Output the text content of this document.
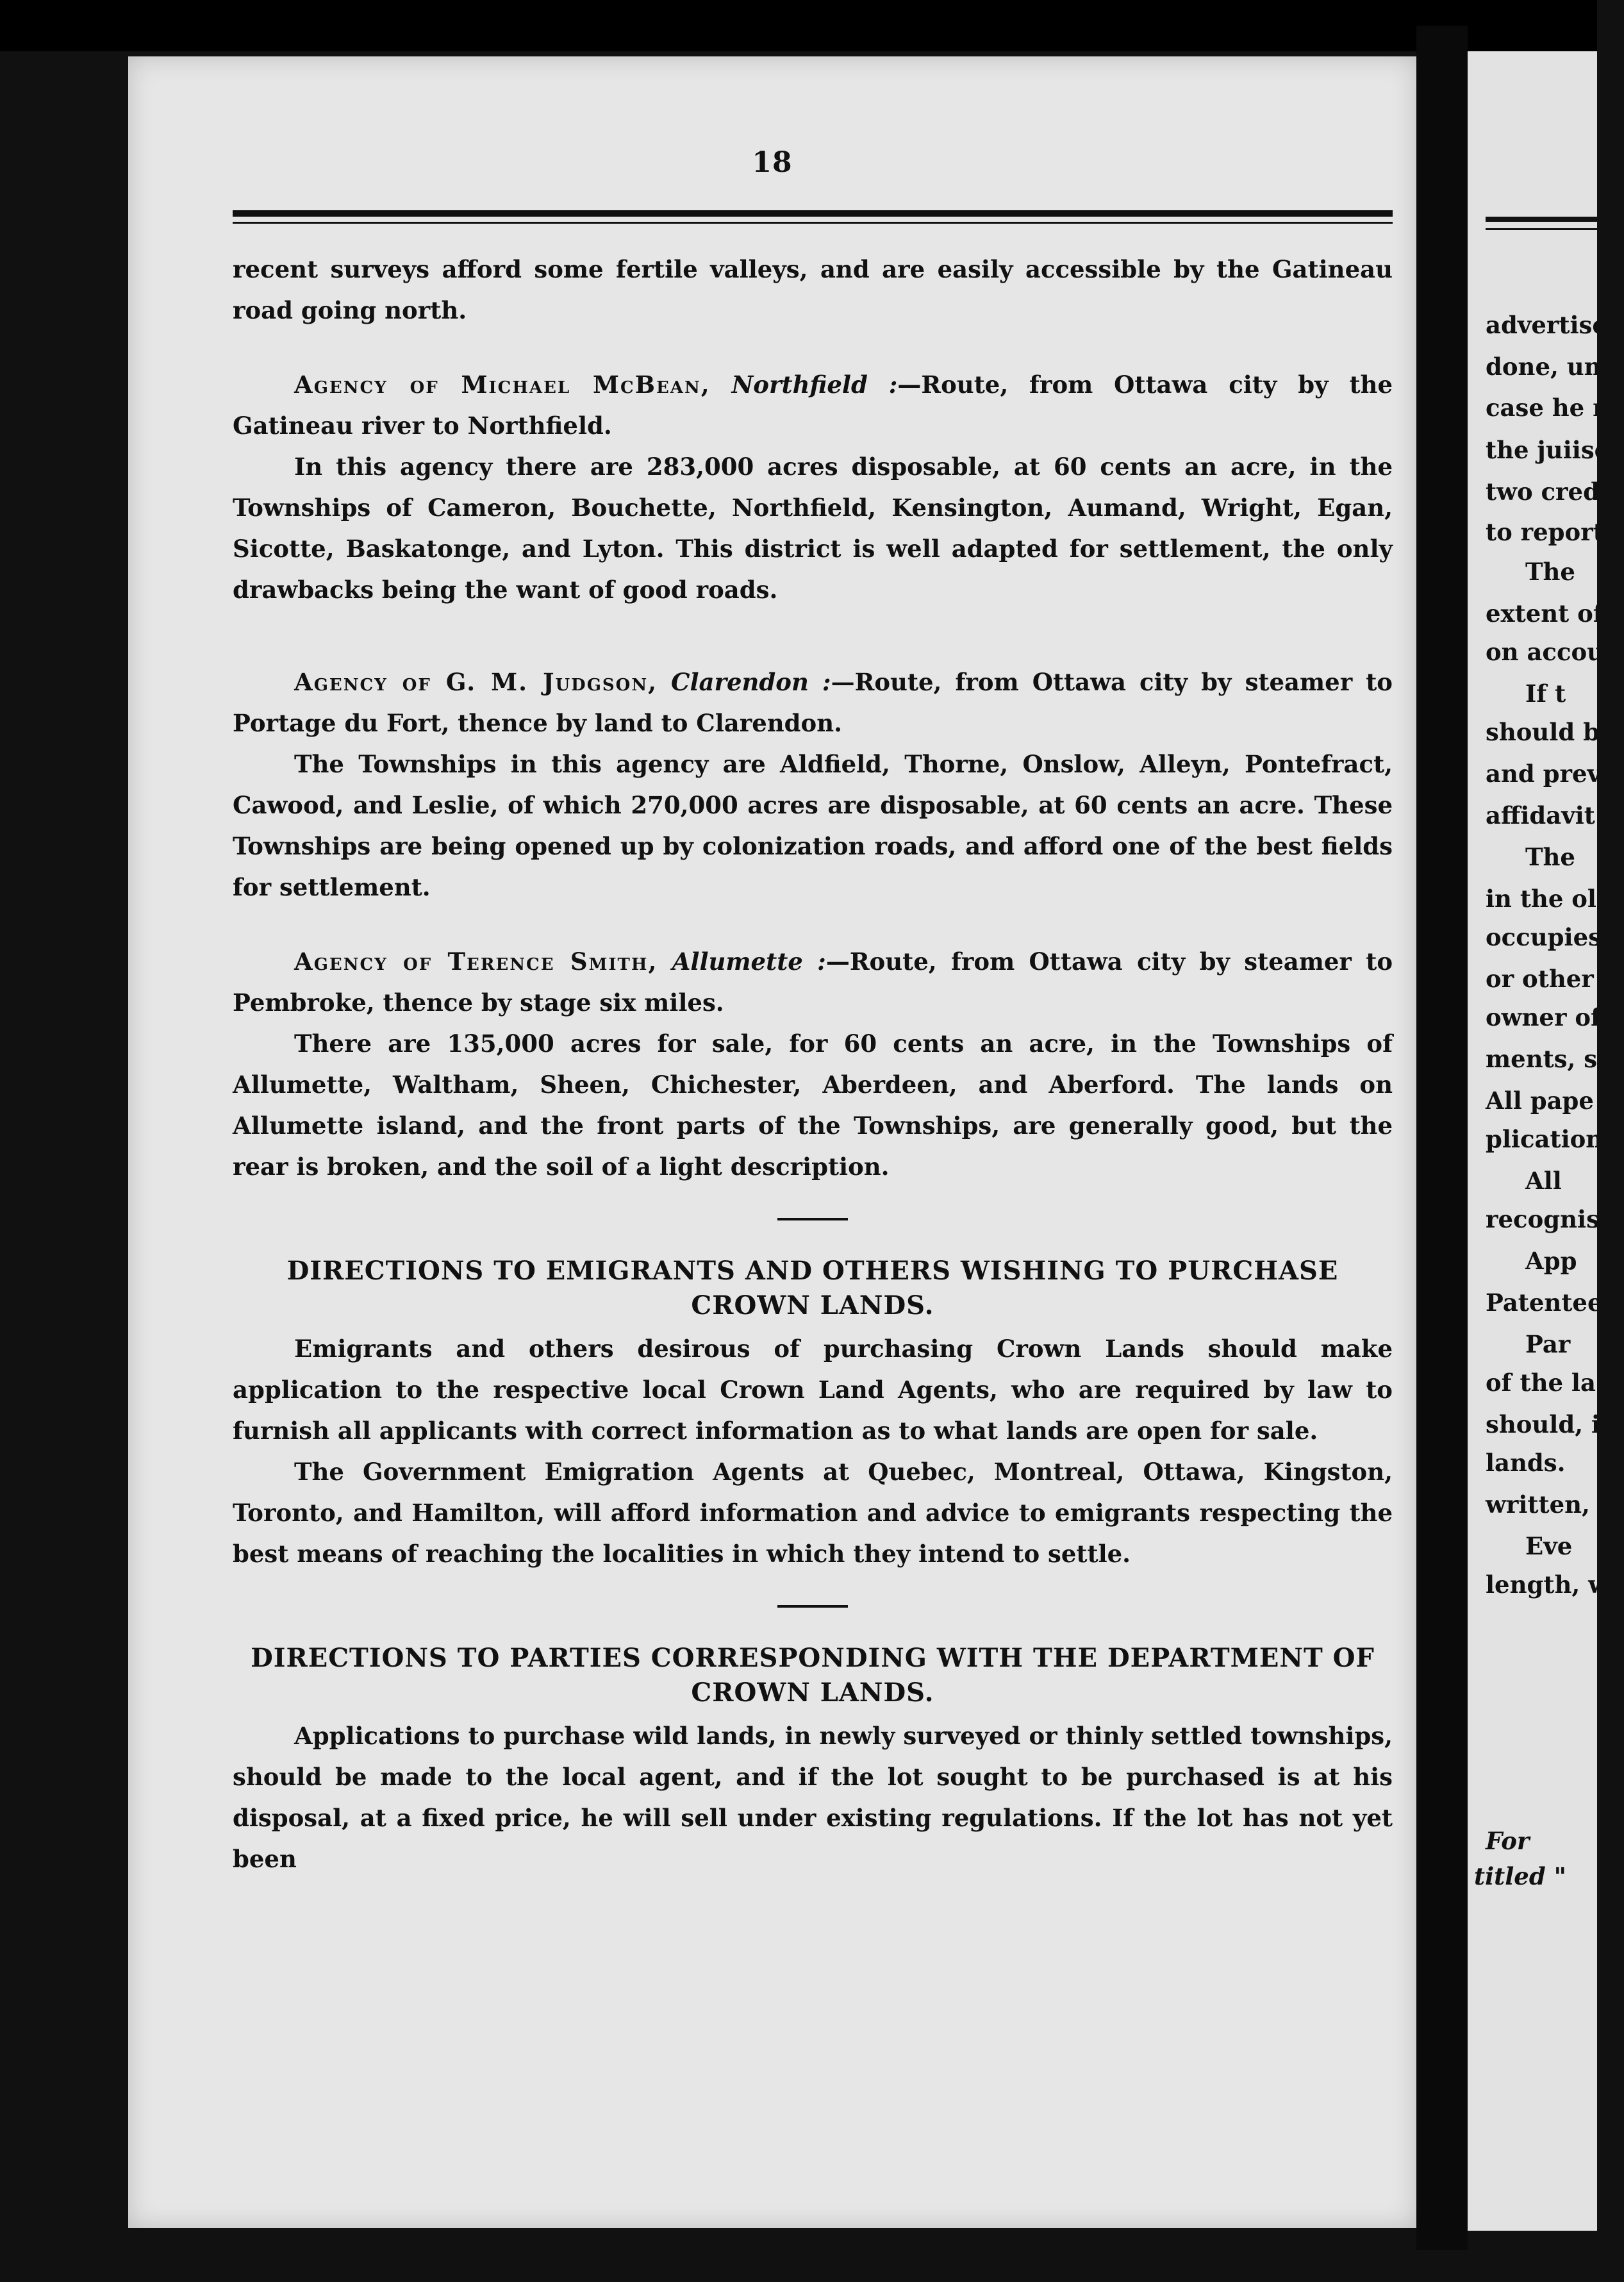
18

recent surveys afford some fertile valleys, and are easily accessible by the Gatineau road going north.

Agency of Michael McBean, Northfield :—Route, from Ottawa city by the Gatineau river to Northfield.

In this agency there are 283,000 acres disposable, at 60 cents an acre, in the Townships of Cameron, Bouchette, Northfield, Kensington, Aumand, Wright, Egan, Sicotte, Baskatonge, and Lyton. This district is well adapted for settlement, the only drawbacks being the want of good roads.

Agency of G. M. Judgson, Clarendon :—Route, from Ottawa city by steamer to Portage du Fort, thence by land to Clarendon.

The Townships in this agency are Aldfield, Thorne, Onslow, Alleyn, Pontefract, Cawood, and Leslie, of which 270,000 acres are disposable, at 60 cents an acre. These Townships are being opened up by colonization roads, and afford one of the best fields for settlement.

Agency of Terence Smith, Allumette :—Route, from Ottawa city by steamer to Pembroke, thence by stage six miles.

There are 135,000 acres for sale, for 60 cents an acre, in the Townships of Allumette, Waltham, Sheen, Chichester, Aberdeen, and Aberford. The lands on Allumette island, and the front parts of the Townships, are generally good, but the rear is broken, and the soil of a light description.

DIRECTIONS TO EMIGRANTS AND OTHERS WISHING TO PURCHASE CROWN LANDS.

Emigrants and others desirous of purchasing Crown Lands should make application to the respective local Crown Land Agents, who are required by law to furnish all applicants with correct information as to what lands are open for sale.

The Government Emigration Agents at Quebec, Montreal, Ottawa, Kingston, Toronto, and Hamilton, will afford information and advice to emigrants respecting the best means of reaching the localities in which they intend to settle.

DIRECTIONS TO PARTIES CORRESPONDING WITH THE DEPARTMENT OF CROWN LANDS.

Applications to purchase wild lands, in newly surveyed or thinly settled townships, should be made to the local agent, and if the lot sought to be purchased is at his disposal, at a fixed price, he will sell under existing regulations. If the lot has not yet been

advertised
done, unl
case he n
the juiisc
two credi
to report
The
extent of
on accou
If t
should be
and prev
affidavit
The
in the ol
occupies
or other
owner of
ments, sh
All pape
plication
All
recognise
App
Patentee
Par
of the la
should, i
lands.
written,
Eve
length, w
For
titled "
